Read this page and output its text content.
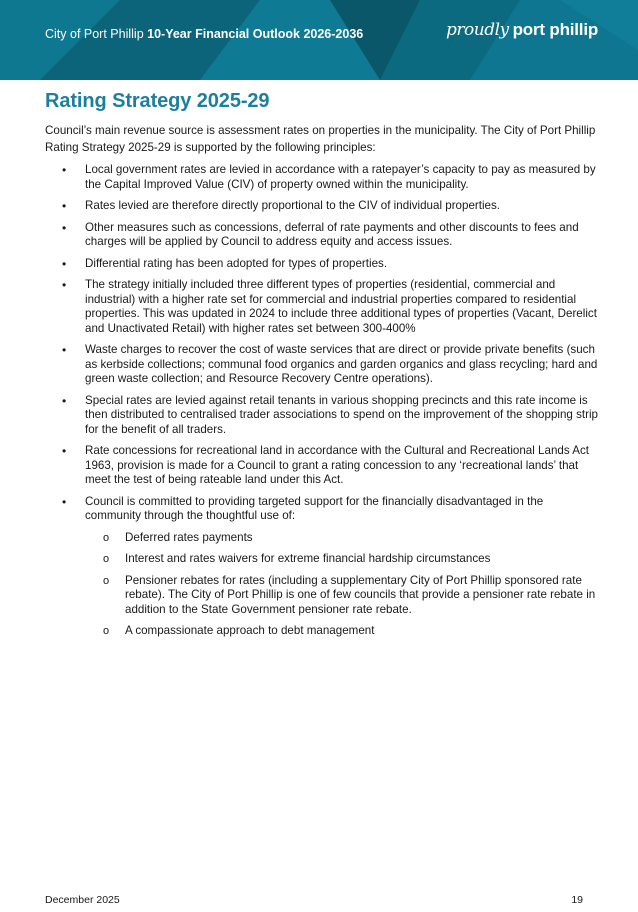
City of Port Phillip 10-Year Financial Outlook 2026-2036	proudly port phillip
Rating Strategy 2025-29

Council’s main revenue source is assessment rates on properties in the municipality. The City of Port Phillip Rating Strategy 2025-29 is supported by the following principles:

• Local government rates are levied in accordance with a ratepayer’s capacity to pay as measured by the Capital Improved Value (CIV) of property owned within the municipality.
• Rates levied are therefore directly proportional to the CIV of individual properties.
• Other measures such as concessions, deferral of rate payments and other discounts to fees and charges will be applied by Council to address equity and access issues.
• Differential rating has been adopted for types of properties.
• The strategy initially included three different types of properties (residential, commercial and industrial) with a higher rate set for commercial and industrial properties compared to residential properties. This was updated in 2024 to include three additional types of properties (Vacant, Derelict and Unactivated Retail) with higher rates set between 300-400%
• Waste charges to recover the cost of waste services that are direct or provide private benefits (such as kerbside collections; communal food organics and garden organics and glass recycling; hard and green waste collection; and Resource Recovery Centre operations).
• Special rates are levied against retail tenants in various shopping precincts and this rate income is then distributed to centralised trader associations to spend on the improvement of the shopping strip for the benefit of all traders.
• Rate concessions for recreational land in accordance with the Cultural and Recreational Lands Act 1963, provision is made for a Council to grant a rating concession to any ‘recreational lands’ that meet the test of being rateable land under this Act.
• Council is committed to providing targeted support for the financially disadvantaged in the community through the thoughtful use of:
o Deferred rates payments
o Interest and rates waivers for extreme financial hardship circumstances
o Pensioner rebates for rates (including a supplementary City of Port Phillip sponsored rate rebate). The City of Port Phillip is one of few councils that provide a pensioner rate rebate in addition to the State Government pensioner rate rebate.
o A compassionate approach to debt management
December 2025	19
